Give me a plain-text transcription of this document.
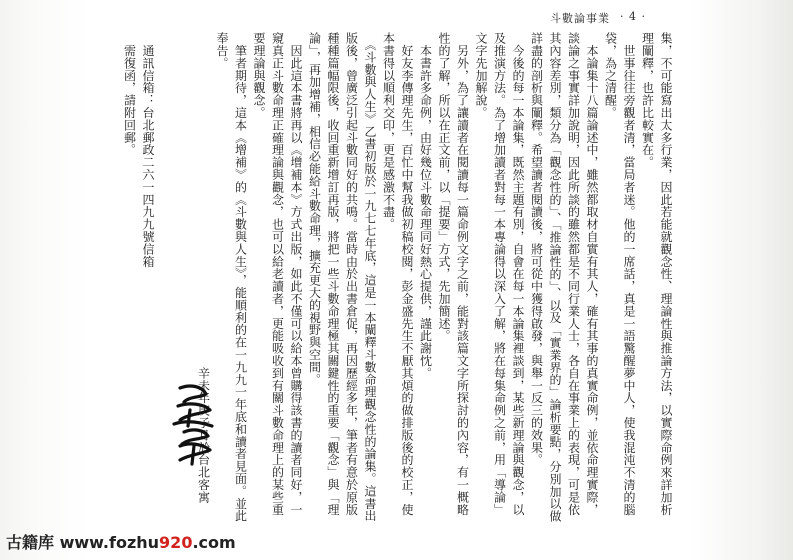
斗數論事業 · 4 ·
集，不可能寫出太多行業，因此若能就觀念性、理論性與推論方法，以實際命例來詳加析理闡釋，也許比較實在。
　世事往往旁觀者清，當局者迷。他的一席話，真是一語驚醒夢中人，使我混沌不清的腦袋，為之清醒。
　本論集十八篇論述中，雖然都取材自實有其人，確有其事的真實命例，並依命理實際，談論之事實詳加說明，因此所談的雖然都是不同行業人士，各自在事業上的表現，可是依其內容差別，類分為「觀念性的」、「推論性的」、以及「實業界的」論析要點，分別加以做詳盡的剖析與闡釋。希望讀者閱讀後，將可從中獲得啟發，與舉一反三的效果。
　今後的每一本論集，既然主題有別，自會在每一本論集裡談到，某些新理論與觀念，以及推演方法。為了增加讀者對每一本專論得以深入了解，將在每集命例之前，用「導論」文字先加解說。
　另外，為了讓讀者在閱讀每一篇命例文字之前，能對該篇文字所探討的內容，有一概略性的了解，所以在正文前，以「提要」方式，先加簡述。
　本書許多命例，由好幾位斗數命理同好熱心提供，謹此謝忱。
　好友李傳理先生，百忙中幫我做初稿校閱，彭金盛先生不厭其煩的做排版後的校正，使本書得以順利交印，更是感激不盡。
　《斗數與人生》乙書初版於一九七七年底，這是一本闡釋斗數命理觀念性的論集。這書出版後，曾廣泛引起斗數同好的共鳴。當時由於出書倉促，再因歷經多年，筆者有意於原版種種篇幅限後，收回重新增訂再版，將把一些斗數命理極其關鍵性的重要「觀念」與「理論」，再加增補，相信必能給斗數命理，擴充更大的視野與空間。
　因此這本書將再以《增補本》方式出版，如此不僅可以給本曾購得該書的讀者同好，一窺真正斗數命理正確理論與觀念，也可以給老讀者，更能吸收到有關斗數命理上的某些重要理論與觀念。
　筆者期待，這本《增補》的《斗數與人生》，能順利的在一九九一年底和讀者見面。並此奉告。
　　　　　　　　　　　　　　　　　　　　　　　　　　　辛未年庚子月於台北客寓

　通訊信箱：台北郵政二六一四九九號信箱
　需復函，請附回郵。
古籍库 www.fozhu920.com
